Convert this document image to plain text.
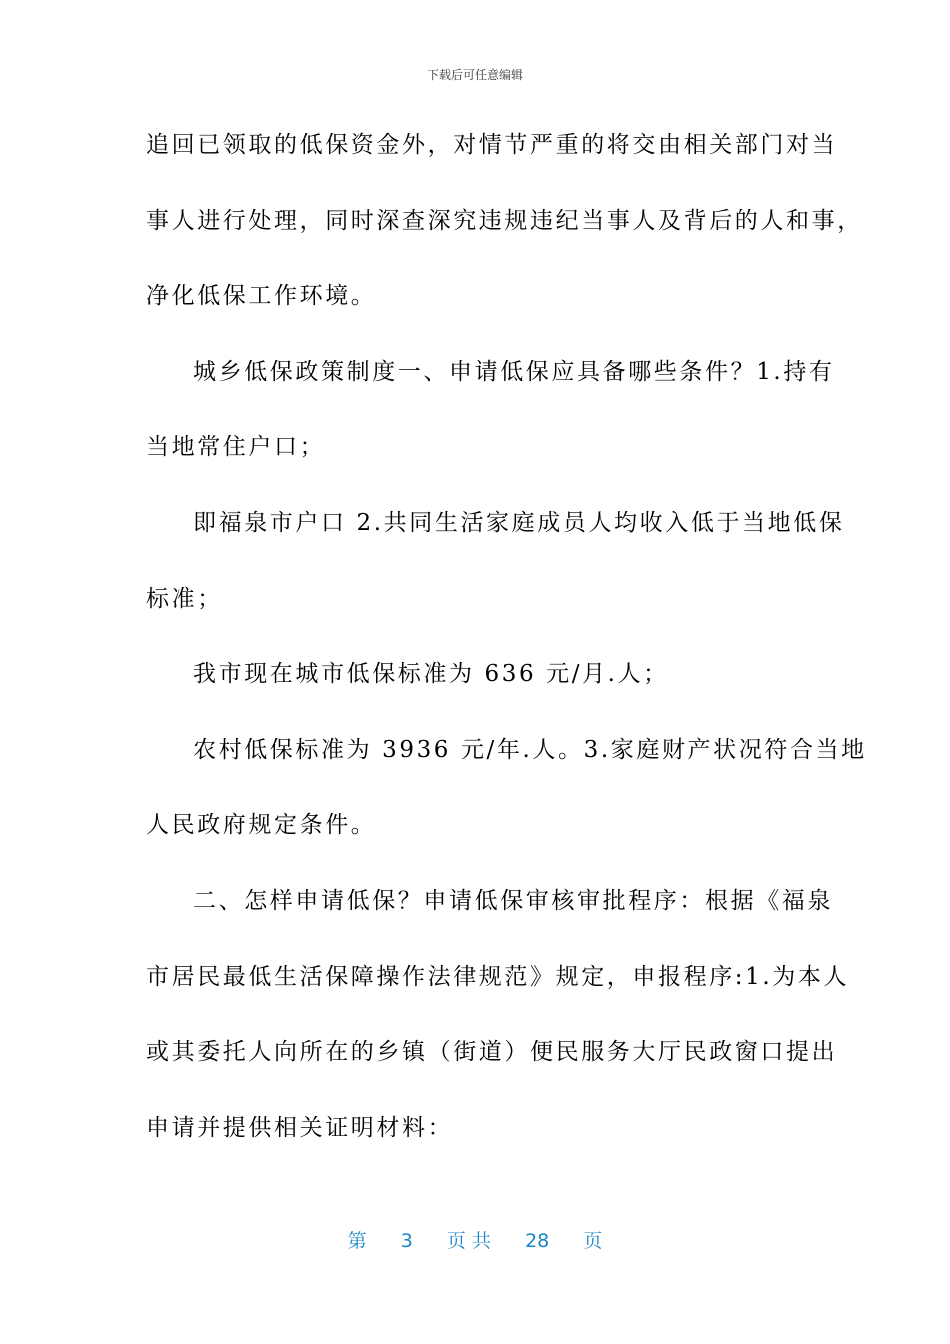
下载后可任意编辑
追回已领取的低保资金外，对情节严重的将交由相关部门对当
事人进行处理，同时深查深究违规违纪当事人及背后的人和事，
净化低保工作环境。
城乡低保政策制度一、申请低保应具备哪些条件？1.持有
当地常住户口；
即福泉市户口 2.共同生活家庭成员人均收入低于当地低保
标准；
我市现在城市低保标准为 636 元/月.人；
农村低保标准为 3936 元/年.人。3.家庭财产状况符合当地
人民政府规定条件。
二、怎样申请低保？申请低保审核审批程序：根据《福泉
市居民最低生活保障操作法律规范》规定，申报程序:1.为本人
或其委托人向所在的乡镇（街道）便民服务大厅民政窗口提出
申请并提供相关证明材料：
第 3 页 共 28 页
